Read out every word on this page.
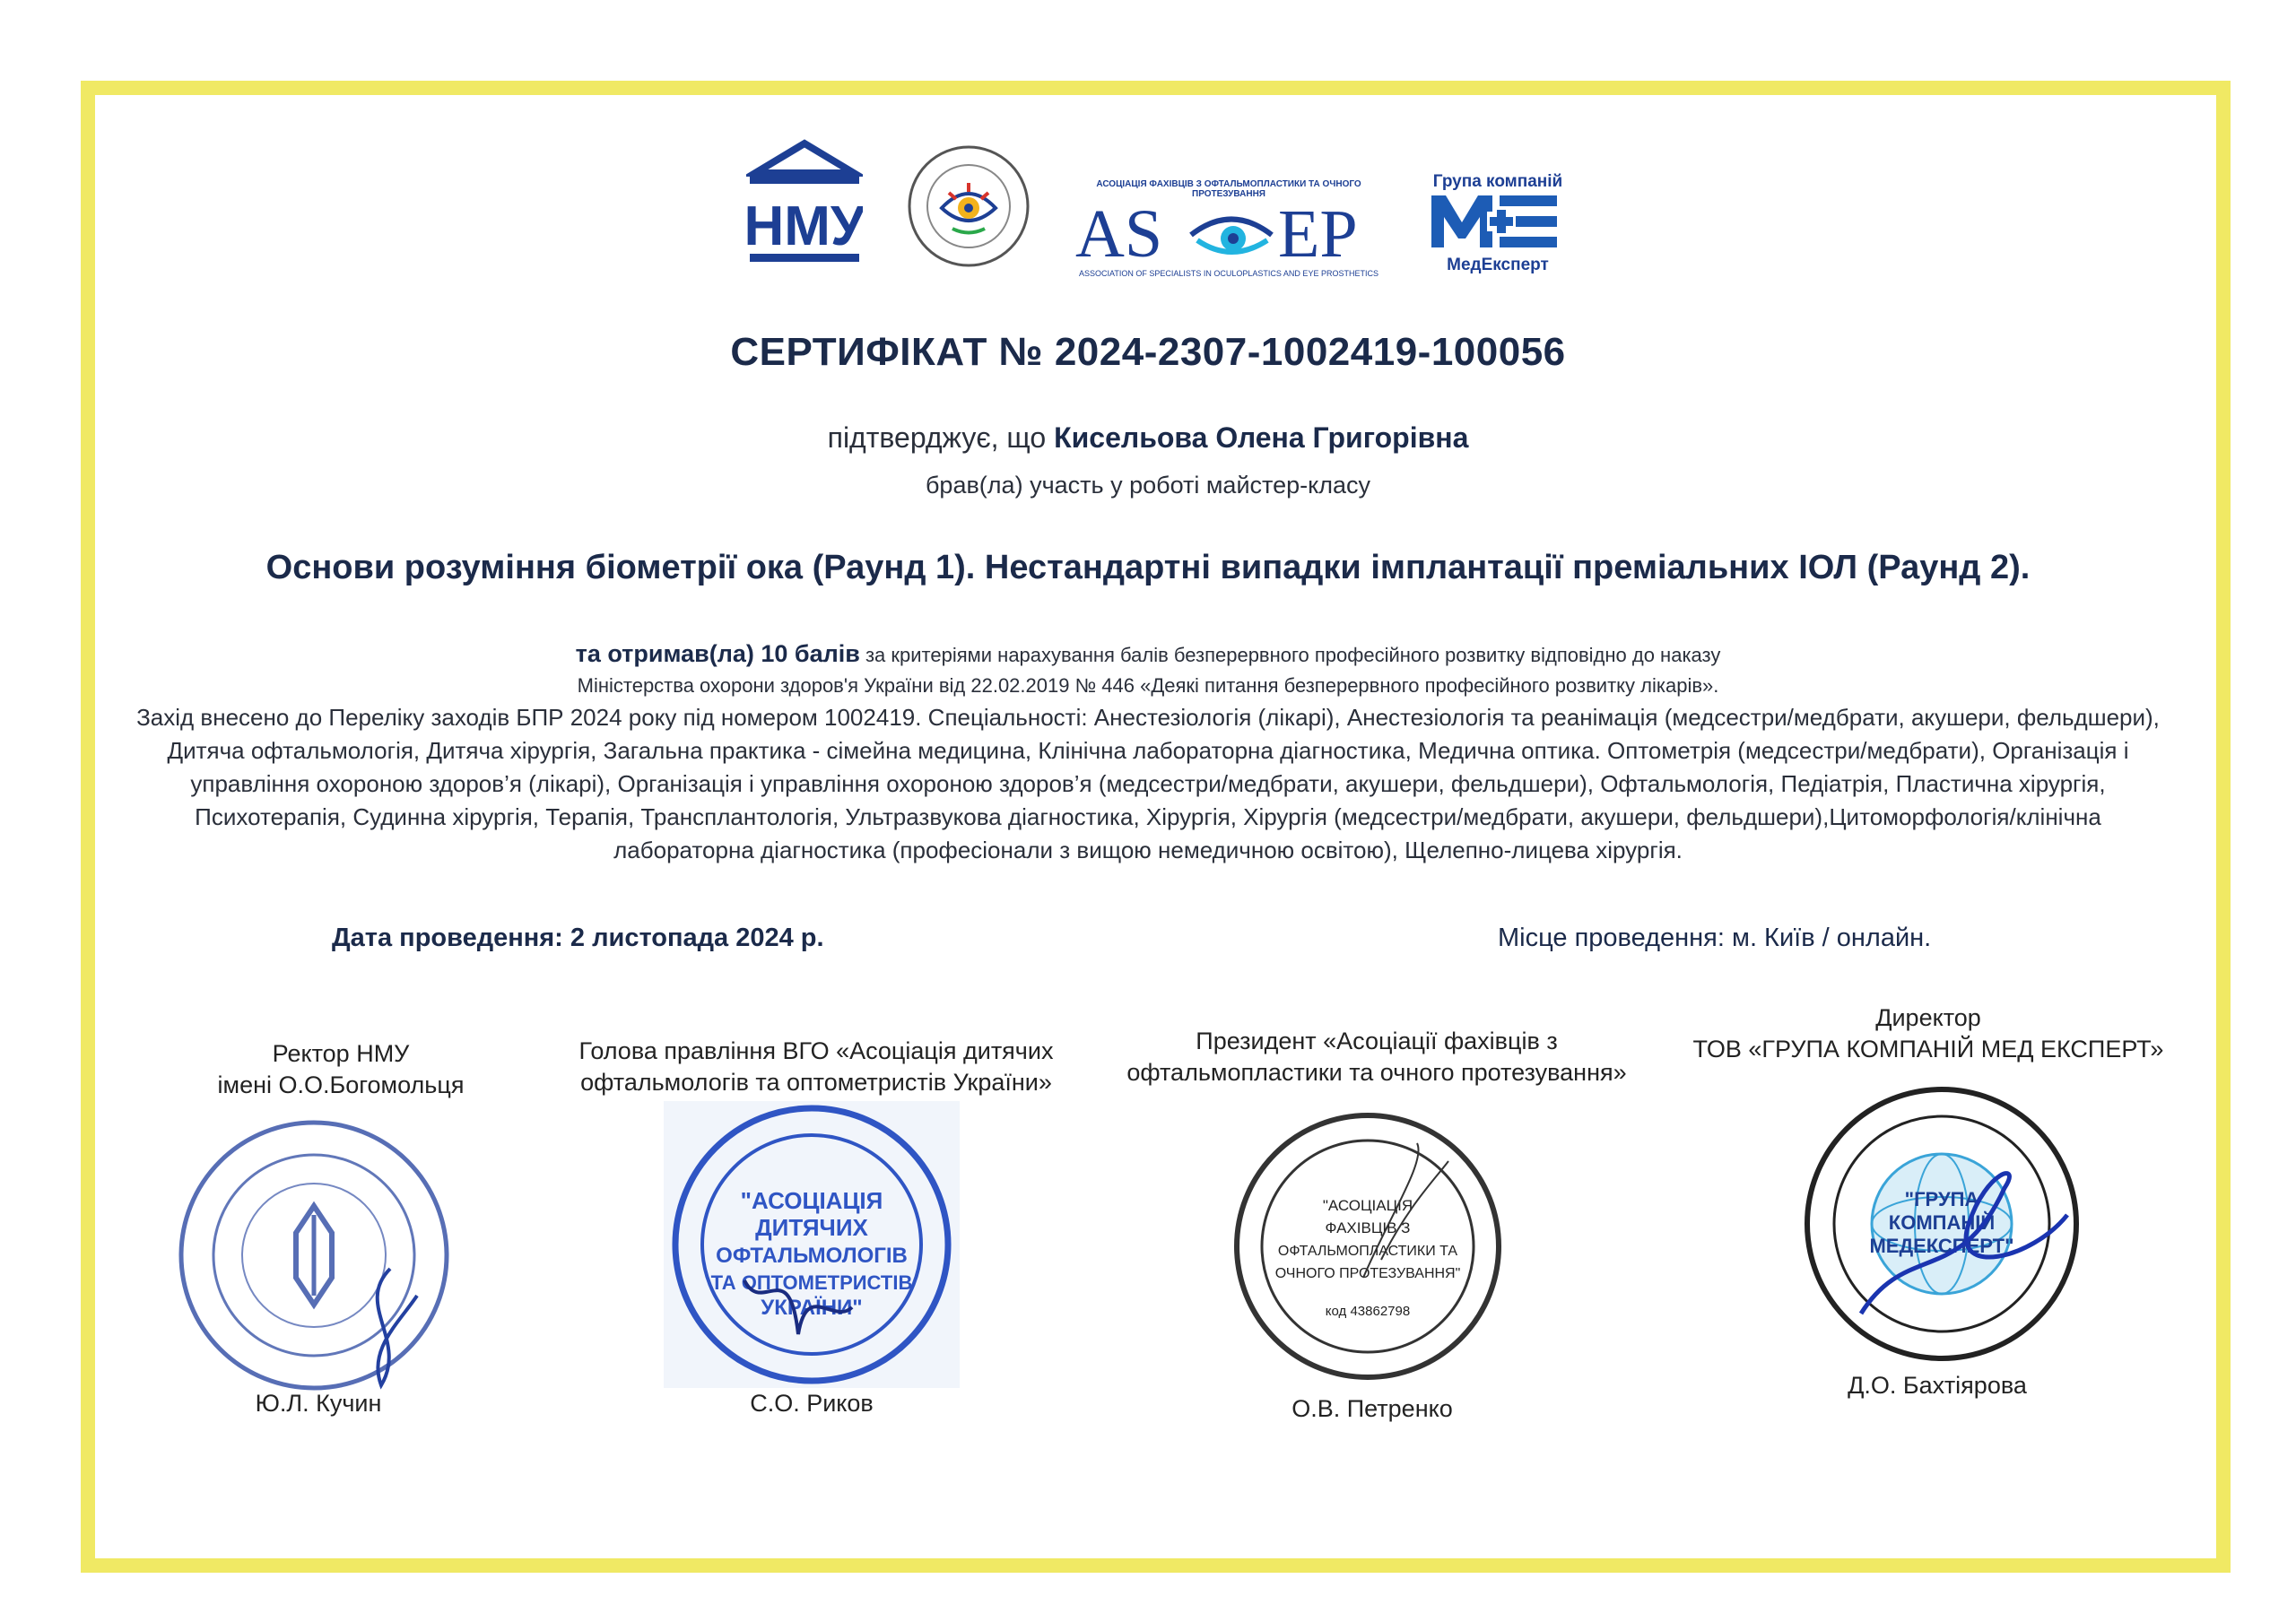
НМУ
АСОЦІАЦІЯ ФАХІВЦІВ З ОФТАЛЬМОПЛАСТИКИ ТА ОЧНОГО ПРОТЕЗУВАННЯ
AS EP
ASSOCIATION OF SPECIALISTS IN OCULOPLASTICS AND EYE PROSTHETICS
Група компаній
МедЕксперт
СЕРТИФІКАТ № 2024-2307-1002419-100056
підтверджує, що Кисельова Олена Григорівна
брав(ла) участь у роботі майстер-класу
Основи розуміння біометрії ока (Раунд 1). Нестандартні випадки імплантації преміальних ІОЛ (Раунд 2).
та отримав(ла) 10 балів за критеріями нарахування балів безперервного професійного розвитку відповідно до наказу
Міністерства охорони здоров'я України від 22.02.2019 № 446 «Деякі питання безперервного професійного розвитку лікарів».
Захід внесено до Переліку заходів БПР 2024 року під номером 1002419. Спеціальності: Анестезіологія (лікарі), Анестезіологія та реанімація (медсестри/медбрати, акушери, фельдшери), Дитяча офтальмологія, Дитяча хірургія, Загальна практика - сімейна медицина, Клінічна лабораторна діагностика, Медична оптика. Оптометрія (медсестри/медбрати), Організація і управління охороною здоров’я (лікарі), Організація і управління охороною здоров’я (медсестри/медбрати, акушери, фельдшери), Офтальмологія, Педіатрія, Пластична хірургія, Психотерапія, Судинна хірургія, Терапія, Трансплантологія, Ультразвукова діагностика, Хірургія, Хірургія (медсестри/медбрати, акушери, фельдшери),Цитоморфологія/клінічна лабораторна діагностика (професіонали з вищою немедичною освітою), Щелепно-лицева хірургія.
Дата проведення: 2 листопада 2024 р.	Місце проведення: м. Київ / онлайн.
Ректор НМУ
імені О.О.Богомольця
Ю.Л. Кучин
Голова правління ВГО «Асоціація дитячих
офтальмологів та оптометристів України»
"АСОЦІАЦІЯ
ДИТЯЧИХ
ОФТАЛЬМОЛОГІВ
ТА ОПТОМЕТРИСТІВ
УКРАЇНИ"
С.О. Риков
Президент «Асоціації фахівців з
офтальмопластики та очного протезування»
"АСОЦІАЦІЯ
ФАХІВЦІВ З
ОФТАЛЬМОПЛАСТИКИ ТА
ОЧНОГО ПРОТЕЗУВАННЯ"
код 43862798
О.В. Петренко
Директор
ТОВ «ГРУПА КОМПАНІЙ МЕД ЕКСПЕРТ»
"ГРУПА
КОМПАНІЙ
МЕДЕКСПЕРТ"
Д.О. Бахтіярова
